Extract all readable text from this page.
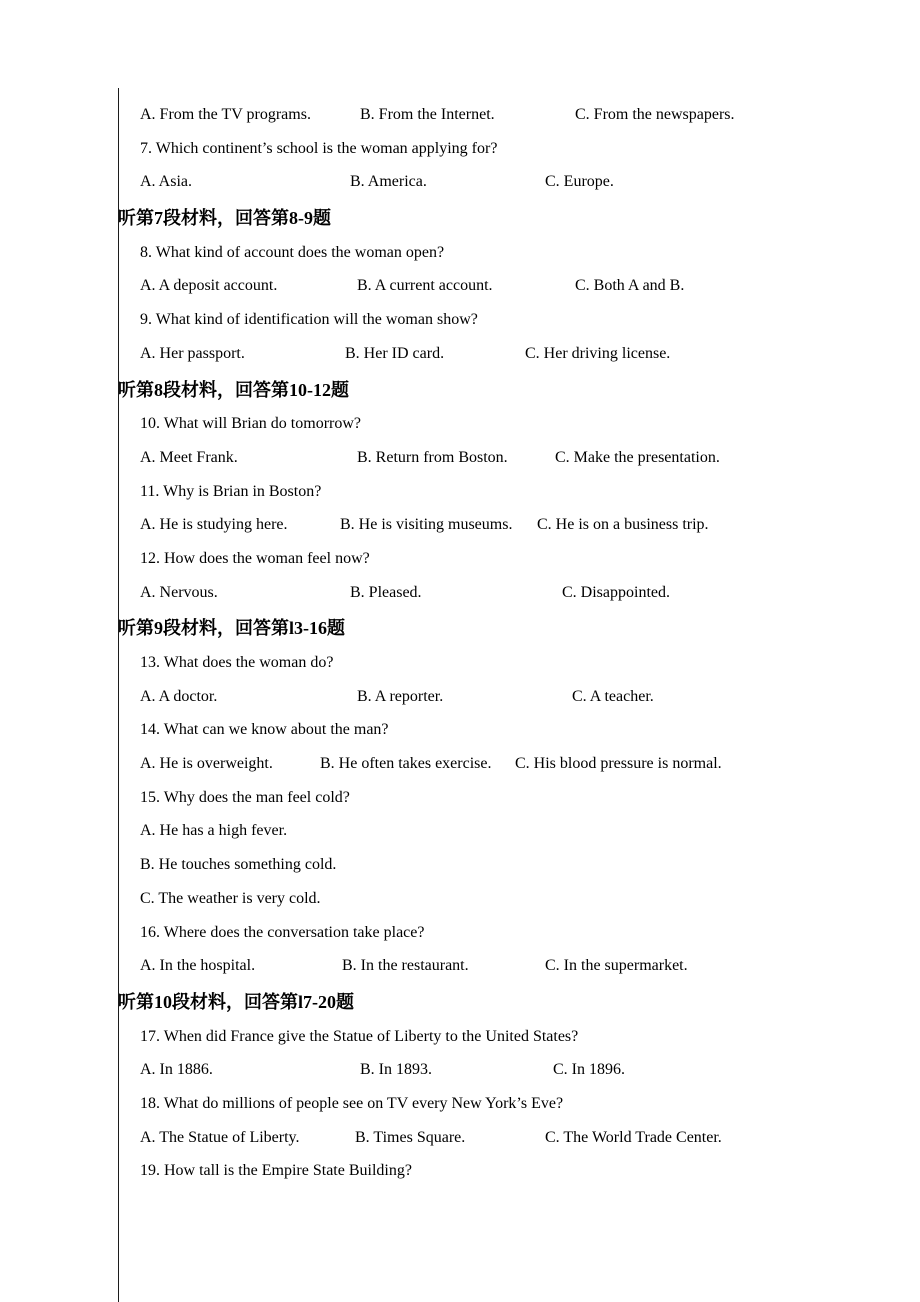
A. From the TV programs.	B. From the Internet.	C. From the newspapers.
7. Which continent’s school is the woman applying for?
A. Asia.	B. America.	C. Europe.
听第7段材料，回答第8-9题
8. What kind of account does the woman open?
A. A deposit account.	B. A current account.	C. Both A and B.
9. What kind of identification will the woman show?
A. Her passport.	B. Her ID card.	C. Her driving license.
听第8段材料，回答第10-12题
10. What will Brian do tomorrow?
A. Meet Frank.	B. Return from Boston.	C. Make the presentation.
11. Why is Brian in Boston?
A. He is studying here.	B. He is visiting museums. C. He is on a business trip.
12. How does the woman feel now?
A. Nervous.	B. Pleased.	C. Disappointed.
听第9段材料，回答第l3-16题
13. What does the woman do?
A. A doctor.	B. A reporter.	C. A teacher.
14. What can we know about the man?
A. He is overweight.	B. He often takes exercise. C. His blood pressure is normal.
15. Why does the man feel cold?
A. He has a high fever.
B. He touches something cold.
C. The weather is very cold.
16. Where does the conversation take place?
A. In the hospital.	B. In the restaurant.	C. In the supermarket.
听第10段材料，回答第l7-20题
17. When did France give the Statue of Liberty to the United States?
A. In 1886.	B. In 1893.	C. In 1896.
18. What do millions of people see on TV every New York’s Eve?
A. The Statue of Liberty.	B. Times Square.	C. The World Trade Center.
19. How tall is the Empire State Building?
